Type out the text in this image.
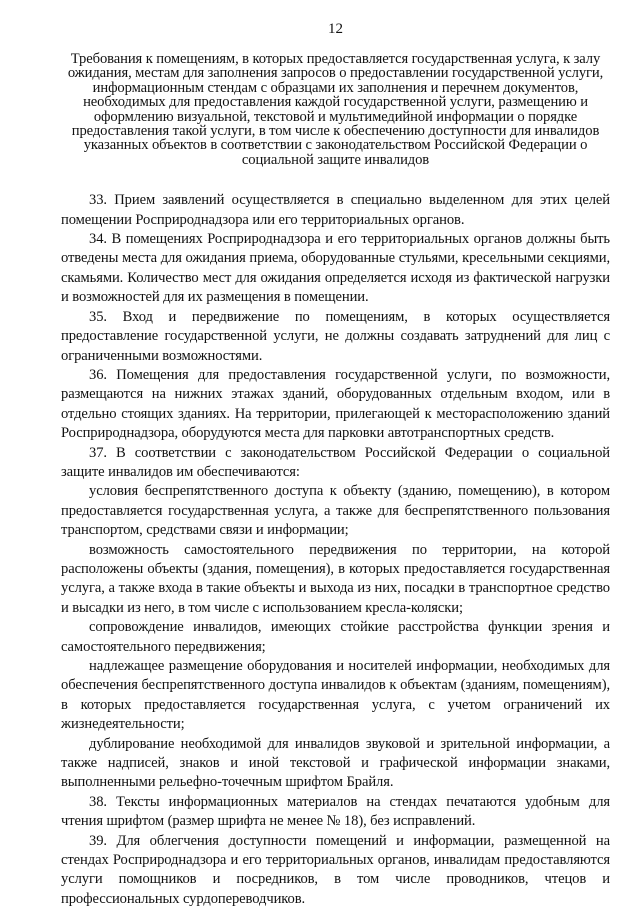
12
Требования к помещениям, в которых предоставляется государственная услуга, к залу ожидания, местам для заполнения запросов о предоставлении государственной услуги, информационным стендам с образцами их заполнения и перечнем документов, необходимых для предоставления каждой государственной услуги, размещению и оформлению визуальной, текстовой и мультимедийной информации о порядке предоставления такой услуги, в том числе к обеспечению доступности для инвалидов указанных объектов в соответствии с законодательством Российской Федерации о социальной защите инвалидов

33. Прием заявлений осуществляется в специально выделенном для этих целей помещении Росприроднадзора или его территориальных органов.

34. В помещениях Росприроднадзора и его территориальных органов должны быть отведены места для ожидания приема, оборудованные стульями, кресельными секциями, скамьями. Количество мест для ожидания определяется исходя из фактической нагрузки и возможностей для их размещения в помещении.

35. Вход и передвижение по помещениям, в которых осуществляется предоставление государственной услуги, не должны создавать затруднений для лиц с ограниченными возможностями.

36. Помещения для предоставления государственной услуги, по возможности, размещаются на нижних этажах зданий, оборудованных отдельным входом, или в отдельно стоящих зданиях. На территории, прилегающей к месторасположению зданий Росприроднадзора, оборудуются места для парковки автотранспортных средств.

37. В соответствии с законодательством Российской Федерации о социальной защите инвалидов им обеспечиваются:

условия беспрепятственного доступа к объекту (зданию, помещению), в котором предоставляется государственная услуга, а также для беспрепятственного пользования транспортом, средствами связи и информации;

возможность самостоятельного передвижения по территории, на которой расположены объекты (здания, помещения), в которых предоставляется государственная услуга, а также входа в такие объекты и выхода из них, посадки в транспортное средство и высадки из него, в том числе с использованием кресла-коляски;

сопровождение инвалидов, имеющих стойкие расстройства функции зрения и самостоятельного передвижения;

надлежащее размещение оборудования и носителей информации, необходимых для обеспечения беспрепятственного доступа инвалидов к объектам (зданиям, помещениям), в которых предоставляется государственная услуга, с учетом ограничений их жизнедеятельности;

дублирование необходимой для инвалидов звуковой и зрительной информации, а также надписей, знаков и иной текстовой и графической информации знаками, выполненными рельефно-точечным шрифтом Брайля.

38. Тексты информационных материалов на стендах печатаются удобным для чтения шрифтом (размер шрифта не менее № 18), без исправлений.

39. Для облегчения доступности помещений и информации, размещенной на стендах Росприроднадзора и его территориальных органов, инвалидам предоставляются услуги помощников и посредников, в том числе проводников, чтецов и профессиональных сурдопереводчиков.
